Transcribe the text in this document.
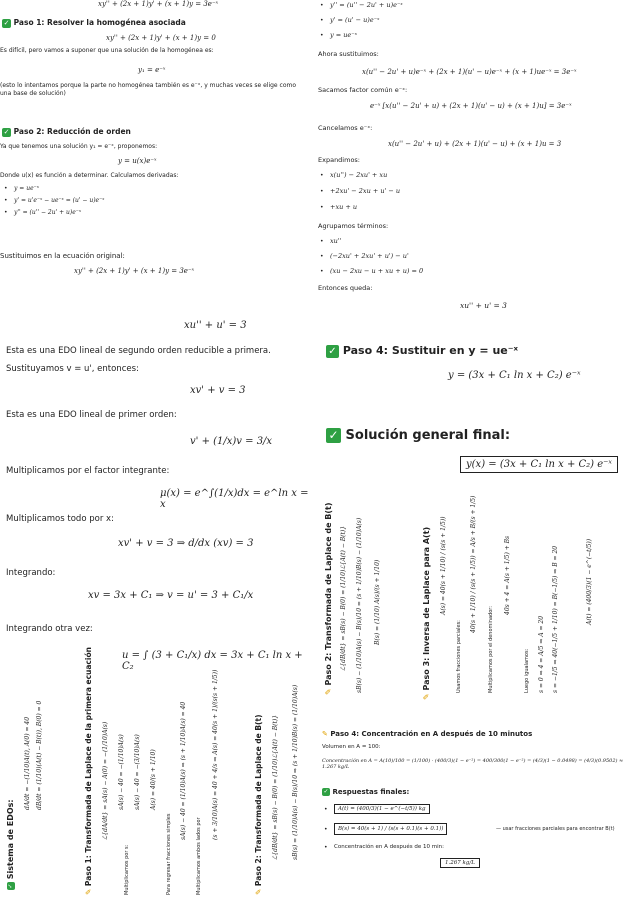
xy'' + (2x + 1)y' + (x + 1)y = 3e⁻ˣ
✓ Paso 1: Resolver la homogénea asociada
xy'' + (2x + 1)y' + (x + 1)y = 0
Es difícil, pero vamos a suponer que una solución de la homogénea es:
y₁ = e⁻ˣ
(esto lo intentamos porque la parte no homogénea también es e⁻ˣ, y muchas veces se elige como una base de solución)
✓ Paso 2: Reducción de orden
Ya que tenemos una solución y₁ = e⁻ˣ, proponemos:
y = u(x)e⁻ˣ
Donde u(x) es función a determinar. Calculamos derivadas:
• y = ue⁻ˣ
• y' = u'e⁻ˣ − ue⁻ˣ = (u' − u)e⁻ˣ
• y'' = (u'' − 2u' + u)e⁻ˣ
• y'' = (u'' − 2u' + u)e⁻ˣ
• y' = (u' − u)e⁻ˣ
• y = ue⁻ˣ
Ahora sustituimos:
x(u'' − 2u' + u)e⁻ˣ + (2x + 1)(u' − u)e⁻ˣ + (x + 1)ue⁻ˣ = 3e⁻ˣ
Sacamos factor común e⁻ˣ:
e⁻ˣ [x(u'' − 2u' + u) + (2x + 1)(u' − u) + (x + 1)u] = 3e⁻ˣ
Cancelamos e⁻ˣ:
x(u'' − 2u' + u) + (2x + 1)(u' − u) + (x + 1)u = 3
Expandimos:
• x(u'') − 2xu' + xu
• +2xu' − 2xu + u' − u
• +xu + u
Agrupamos términos:
• xu''
• (−2xu' + 2xu' + u') − u'
• (xu − 2xu − u + xu + u) = 0
Entonces queda:
xu'' + u' = 3
Sustituimos en la ecuación original:
xy'' + (2x + 1)y' + (x + 1)y = 3e⁻ˣ
xu'' + u' = 3
Esta es una EDO lineal de segundo orden reducible a primera.
Sustituyamos v = u', entonces:
xv' + v = 3
Esta es una EDO lineal de primer orden:
v' + (1/x)v = 3/x
Multiplicamos por el factor integrante:
μ(x) = e^∫(1/x)dx = e^ln x = x
Multiplicamos todo por x:
xv' + v = 3 ⇒ d/dx (xv) = 3
Integrando:
xv = 3x + C₁ ⇒ v = u' = 3 + C₁/x
Integrando otra vez:
u = ∫ (3 + C₁/x) dx = 3x + C₁ ln x + C₂
✓ Paso 4: Sustituir en y = ue⁻ˣ
y = (3x + C₁ ln x + C₂) e⁻ˣ
✓ Solución general final:
y(x) = (3x + C₁ ln x + C₂) e⁻ˣ
✎ Paso 2: Transformada de Laplace de B(t) ℒ{dB/dt} = sB(s) − B(0) = (1/10)ℒ{A(t) − B(t)} sB(s) − (1/10)A(s) − B(s)/10 = (s + 1/10)B(s) − (1/10)A(s) B(s) = (1/10) A(s)/(s + 1/10)
✎ Paso 3: Inversa de Laplace para A(t) A(s) = 40(s + 1/10) / (s(s + 1/5))
Usamos fracciones parciales:
40(s + 1/10) / (s(s + 1/5)) = A/s + B/(s + 1/5)
Multiplicamos por el denominador:
40s + 4 = A(s + 1/5) + Bs
Luego igualamos: s = 0 ⇒ 4 = A/5 ⇒ A = 20 s = −1/5 ⇒ 40(−1/5 + 1/10) = B(−1/5) ⇒ B = 20	A(t) = (400/3)(1 − e^(−t/5))
✓ Sistema de EDOs:
dA/dt = −(1/10)A(t), A(0) = 40 dB/dt = (1/10)(A(t) − B(t)), B(0) = 0
✎ Paso 1: Transformada de Laplace de la primera ecuación ℒ{dA/dt} = sA(s) − A(0) = −(1/10)A(s)
Multiplicamos por s:
sA(s) − 40 = −(1/10)A(s) sA(s) − 40 = −(3/10)A(s) A(s) = 40/(s + 1/10)
Para regresar fracciones simples
sA(s) − 40 = (1/10)A(s) ⇒ (s + 1/10)A(s) = 40
Multiplicamos ambos lados por
(s + 3/10)A(s) = 40 + 4/s ⇒ A(s) = 40(s + 1)/(s(s + 1/5))
✎ Paso 2: Transformada de Laplace de B(t) ℒ{dB/dt} = sB(s) − B(0) = (1/10)ℒ{A(t) − B(t)} sB(s) = (1/10)A(s) − B(s)/10 ⇒ (s + 1/10)B(s) = (1/10)A(s)	✎ Paso 4: Concentración en A después de 10 minutos
Volumen en A = 100:
Concentración en A = A(10)/100 = (1/100) · (400/3)(1 − e⁻²) = 400/300(1 − e⁻²) = (4/3)(1 − 0.0498) = (4/3)(0.9502) ≈ 1.267 kg/L
✓ Respuestas finales:
•	A(t) = (400/3)(1 − e^(−t/5)) kg
•	B(s) = 40(s + 1) / (s(s + 0.1)(s + 0.1))	— usar fracciones parciales para encontrar B(t)
• Concentración en A después de 10 min:
1.267 kg/L
